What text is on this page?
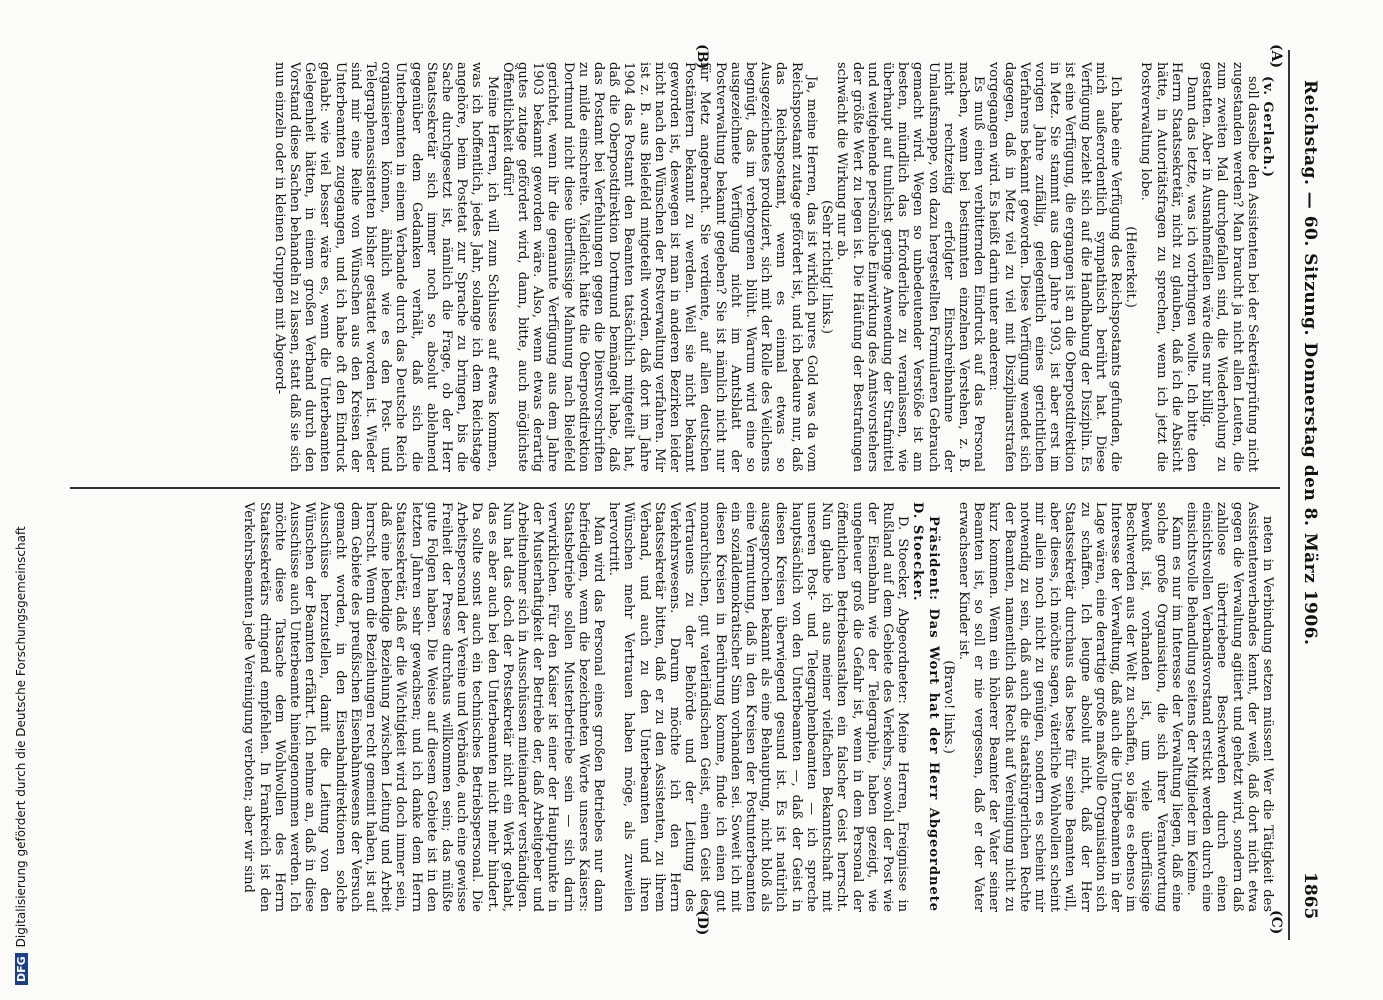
Reichstag. — 60. Sitzung. Donnerstag den 8. März 1906.
1865
(A)
(B)
(C)
(D)

(v. Gerlach.)

soll dasselbe den Assistenten bei der Sekretärprüfung nicht zugestanden werden? Man braucht ja nicht allen Leuten, die zum zweiten Mal durchgefallen sind, die Wiederholung zu gestatten. Aber in Ausnahmefällen wäre dies nur billig.

Dann das letzte, was ich vorbringen wollte. Ich bitte den Herrn Staatssekretär, nicht zu glauben, daß ich die Absicht hätte, in Autoritätsfragen zu sprechen, wenn ich jetzt die Postverwaltung lobe.

(Heiterkeit.)

Ich habe eine Verfügung des Reichspostamts gefunden, die mich außerordentlich sympathisch berührt hat. Diese Verfügung bezieht sich auf die Handhabung der Disziplin. Es ist eine Verfügung, die ergangen ist an die Oberpostdirektion in Metz. Sie stammt aus dem Jahre 1903, ist aber erst im vorigen Jahre zufällig, gelegentlich eines gerichtlichen Verfahrens bekannt geworden. Diese Verfügung wendet sich dagegen, daß in Metz viel zu viel mit Disziplinarstrafen vorgegangen wird. Es heißt darin unter anderem:

Es muß einen verbitternden Eindruck auf das Personal machen, wenn bei bestimmten einzelnen Verstehen, z. B. nicht rechtzeitig erfolgter Einschreibnahme der Umlaufsmappe, von dazu hergestellten Formularen Gebrauch gemacht wird. Wegen so unbedeutender Verstöße ist am besten, mündlich das Erforderliche zu veranlassen, wie überhaupt auf tunlichst geringe Anwendung der Strafmittel und weitgehende persönliche Einwirkung des Amtsvorstehers der größte Wert zu legen ist. Die Häufung der Bestrafungen schwächt die Wirkung nur ab.

(Sehr richtig! links.)

Ja, meine Herren, das ist wirklich pures Gold was da vom Reichspostamt zutage gefördert ist, und ich bedaure nur, daß das Reichspostamt, wenn es einmal etwas so Ausgezeichnetes produziert, sich mit der Rolle des Veilchens begnügt, das im verborgenen blüht. Warum wird eine so ausgezeichnete Verfügung nicht im Amtsblatt der Postverwaltung bekannt gegeben? Sie ist nämlich nicht nur für Metz angebracht. Sie verdiente, auf allen deutschen Postämtern bekannt zu werden. Weil sie nicht bekannt geworden ist, deswegen ist man in anderen Bezirken leider nicht nach den Wünschen der Postverwaltung verfahren. Mir ist z. B. aus Bielefeld mitgeteilt worden, daß dort im Jahre 1904 das Postamt den Beamten tatsächlich mitgeteilt hat, daß die Oberpostdirektion Dortmund bemängelt habe, daß das Postamt bei Verfehlungen gegen die Dienstvorschriften zu milde einschreite. Vielleicht hätte die Oberpostdirektion Dortmund nicht diese überflüssige Mahnung nach Bielefeld gerichtet, wenn ihr die genannte Verfügung aus dem Jahre 1903 bekannt geworden wäre. Also, wenn etwas derartig gutes zutage gefördert wird, dann, bitte, auch möglichste Öffentlichkeit dafür!

Meine Herren, ich will zum Schlusse auf etwas kommen, was ich hoffentlich, jedes Jahr, solange ich dem Reichstage angehöre, beim Postetat zur Sprache zu bringen, bis die Sache durchgesetzt ist, nämlich die Frage, ob der Herr Staatssekretär sich immer noch so absolut ablehnend gegenüber dem Gedanken verhält, daß sich die Unterbeamten in einem Verbande durch das Deutsche Reich organisieren können, ähnlich wie es den Post- und Telegraphenassistenten bisher gestattet worden ist. Wieder sind mir eine Reihe von Wünschen aus den Kreisen der Unterbeamten zugegangen, und ich habe oft den Eindruck gehabt: wie viel besser wäre es, wenn die Unterbeamten Gelegenheit hätten, in einem großen Verband durch den Vorstand diese Sachen behandeln zu lassen, statt daß sie sich nun einzeln oder in kleinen Gruppen mit Abgeord-

neten in Verbindung setzen müssen! Wer die Tätigkeit des Assistentenverbandes kennt, der weiß, daß dort nicht etwa gegen die Verwaltung agitiert und gehetzt wird, sondern daß zahllose übertriebene Beschwerden durch einen einsichtsvollen Verbandsvorstand erstickt werden durch eine einsichtsvolle Behandlung seitens der Mitglieder im Keime.

Kann es nur im Interesse der Verwaltung liegen, daß eine solche große Organisation, die sich ihrer Verantwortung bewußt ist, vorhanden ist, um viele überflüssige Beschwerden aus der Welt zu schaffen, so läge es ebenso im Interesse der Verwaltung, daß auch die Unterbeamten in der Lage wären, eine derartige große maßvolle Organisation sich zu schaffen. Ich leugne absolut nicht, daß der Herr Staatssekretär durchaus das beste für seine Beamten will, aber dieses, ich möchte sagen, väterliche Wohlwollen scheint mir allein noch nicht zu genügen, sondern es scheint mir notwendig zu sein, daß auch die staatsbürgerlichen Rechte der Beamten, namentlich das Recht auf Vereinigung nicht zu kurz kommen. Wenn ein höherer Beamter der Vater seiner Beamten ist, so soll er nie vergessen, daß er der Vater erwachsener Kinder ist.

(Bravo! links.)

Präsident: Das Wort hat der Herr Abgeordnete D. Stoecker.

D. Stoecker, Abgeordneter: Meine Herren, Ereignisse in Rußland auf dem Gebiete des Verkehrs, sowohl der Post wie der Eisenbahn wie der Telegraphie, haben gezeigt, wie ungeheuer groß die Gefahr ist, wenn in dem Personal der öffentlichen Betriebsanstalten ein falscher Geist herrscht. Nun glaube ich aus meiner vielfachen Bekanntschaft mit unseren Post- und Telegraphenbeamten — ich spreche hauptsächlich von den Unterbeamten —, daß der Geist in diesen Kreisen überwiegend gesund ist. Es ist natürlich ausgesprochen bekannt als eine Behauptung, nicht bloß als eine Vermutung, daß in den Kreisen der Postunterbeamten ein sozialdemokratischer Sinn vorhanden sei. Soweit ich mit diesen Kreisen in Berührung komme, finde ich einen gut monarchischen, gut vaterländischen Geist, einen Geist des Vertrauens zu der Behörde und der Leitung des Verkehrswesens. Darum möchte ich den Herrn Staatssekretär bitten, daß er zu den Assistenten, zu ihrem Verband, und auch zu den Unterbeamten und ihren Wünschen mehr Vertrauen haben möge, als zuweilen hervortritt.

Man wird das Personal eines großen Betriebes nur dann befriedigen, wenn die bezeichneten Worte unseres Kaisers: Staatsbetriebe sollen Musterbetriebe sein — sich darin verwirklichen. Für den Kaiser ist einer der Hauptpunkte in der Musterhaftigkeit der Betriebe der, daß Arbeitgeber und Arbeitnehmer sich in Ausschüssen miteinander verständigen. Nun hat das doch der Postsekretär nicht ein Werk gehabt, das es aber auch bei den Unterbeamten nicht mehr hindert. Da sollte sonst auch ein technisches Betriebspersonal. Die Arbeitspersonal der Vereine und Verbände, auch eine gewisse Freiheit der Presse durchaus willkommen sein; das müßte gute Folgen haben. Die Weise auf diesem Gebiete ist in den letzten Jahren sehr gewachsen; und ich danke dem Herrn Staatssekretär, daß er die Wichtigkeit wird doch immer sein, daß eine lebendige Beziehung zwischen Leitung und Arbeit herrscht. Wenn die Beziehungen recht gemeint haben, ist auf dem Gebiete des preußischen Eisenbahnwesens der Versuch gemacht worden, in den Eisenbahndirektionen solche Ausschüsse herzustellen, damit die Leitung von den Wünschen der Beamten erfährt. Ich nehme an, daß in diese Ausschüsse auch Unterbeamte hineingenommen werden. Ich möchte diese Tatsache dem Wohlwollen des Herrn Staatssekretärs dringend empfehlen. In Frankreich ist den Verkehrsbeamten jede Vereinigung verboten; aber wir sind

DFGDigitalisierung gefördert durch die Deutsche Forschungsgemeinschaft
